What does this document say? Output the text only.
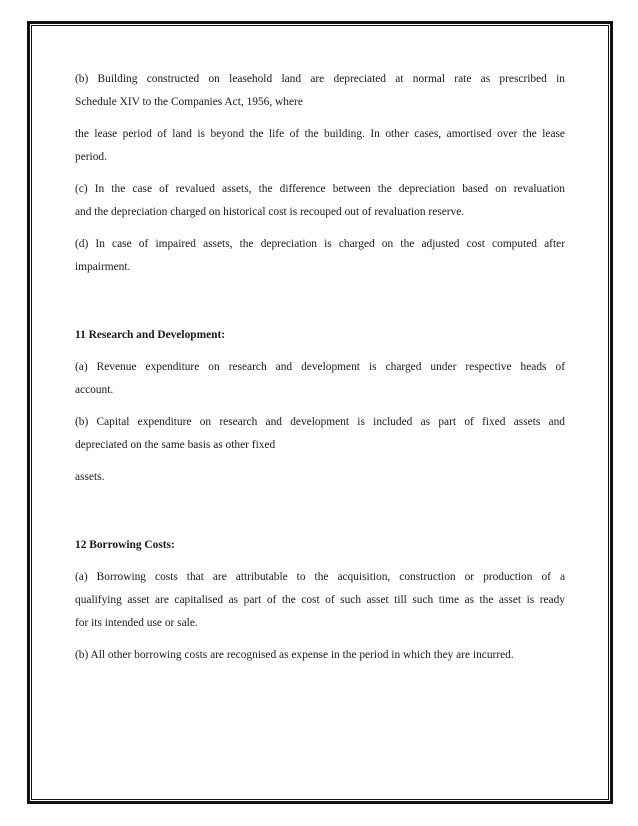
(b) Building constructed on leasehold land are depreciated at normal rate as prescribed in
Schedule XIV to the Companies Act, 1956, where
the lease period of land is beyond the life of the building. In other cases, amortised over the lease
period.
(c) In the case of revalued assets, the difference between the depreciation based on revaluation
and the depreciation charged on historical cost is recouped out of revaluation reserve.
(d) In case of impaired assets, the depreciation is charged on the adjusted cost computed after
impairment.
11 Research and Development:
(a) Revenue expenditure on research and development is charged under respective heads of
account.
(b) Capital expenditure on research and development is included as part of fixed assets and
depreciated on the same basis as other fixed
assets.
12 Borrowing Costs:
(a) Borrowing costs that are attributable to the acquisition, construction or production of a
qualifying asset are capitalised as part of the cost of such asset till such time as the asset is ready
for its intended use or sale.
(b) All other borrowing costs are recognised as expense in the period in which they are incurred.
